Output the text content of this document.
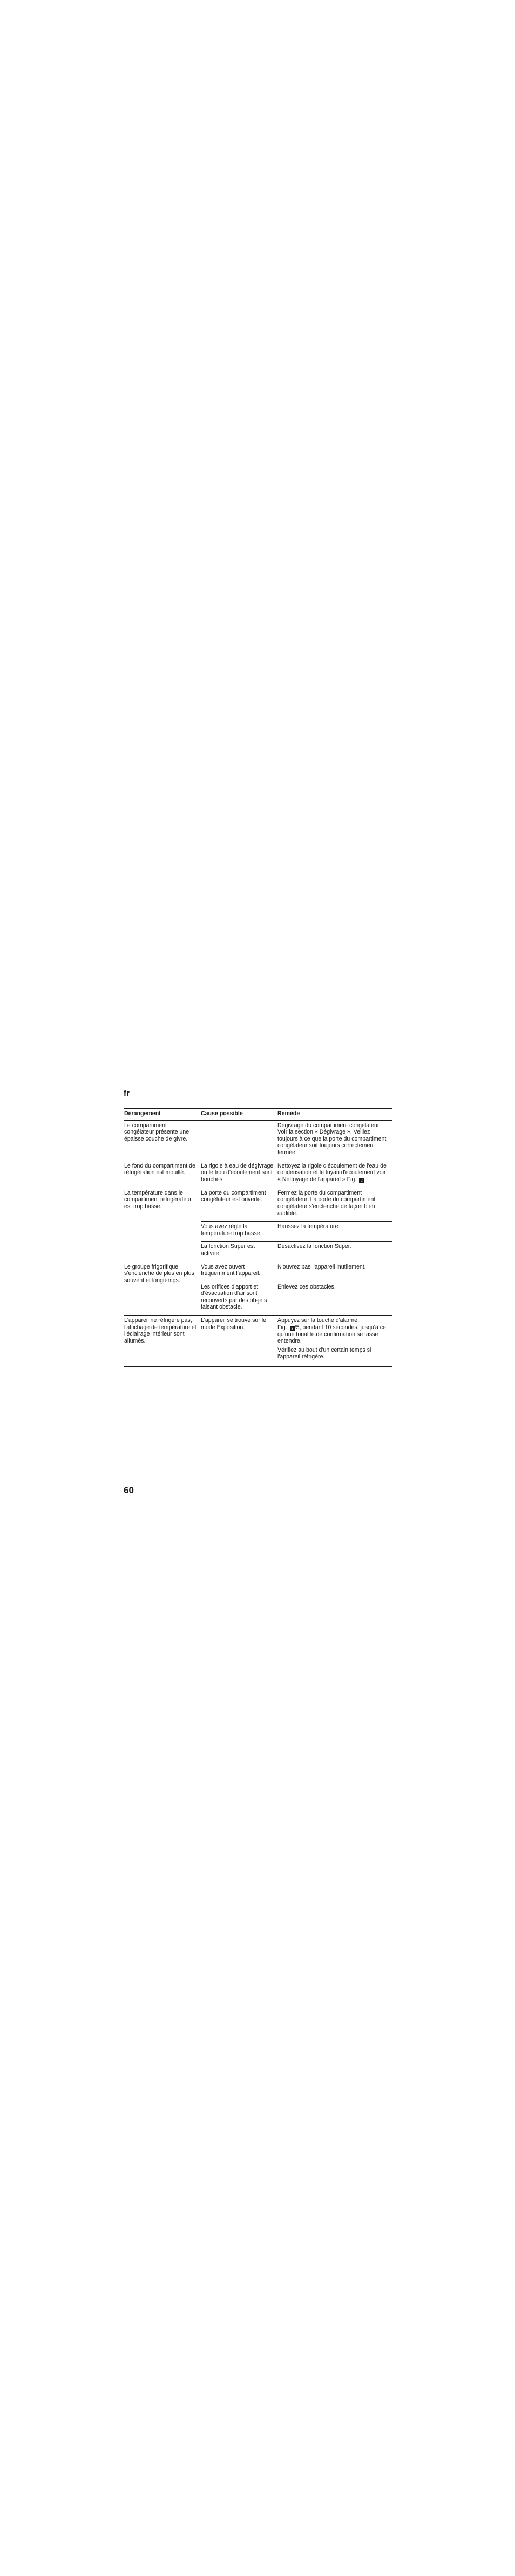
fr
Dérangement	Cause possible	Remède
Le compartiment congélateur présente une épaisse couche de givre.		Dégivrage du compartiment congélateur. Voir la section « Dégivrage ». Veillez toujours à ce que la porte du compartiment congélateur soit toujours correctement fermée.
Le fond du compartiment de réfrigération est mouillé.	La rigole à eau de dégivrage ou le trou d'écoulement sont bouchés.	Nettoyez la rigole d'écoulement de l'eau de condensation et le tuyau d'écoulement voir « Nettoyage de l'appareil » Fig. 2
La température dans le compartiment réfrigérateur est trop basse.	La porte du compartiment congélateur est ouverte.	Fermez la porte du compartiment congélateur. La porte du compartiment congélateur s'enclenche de façon bien audible.
	Vous avez réglé la température trop basse.	Haussez la température.
	La fonction Super est activée.	Désactivez la fonction Super.
Le groupe frigorifique s'enclenche de plus en plus souvent et longtemps.	Vous avez ouvert fréquemment l'appareil.	N'ouvrez pas l'appareil inutilement.
	Les orifices d'apport et d'évacuation d'air sont recouverts par des ob-jets faisant obstacle.	Enlevez ces obstacles.
L'appareil ne réfrigère pas, l'affichage de température et l'éclairage intérieur sont allumés.	L'appareil se trouve sur le mode Exposition.	Appuyez sur la touche d'alarme,
Fig. 3 /5, pendant 10 secondes, jusqu'à ce qu'une tonalité de confirmation se fasse entendre.

Vérifiez au bout d'un certain temps si l'appareil réfrigère.

60
